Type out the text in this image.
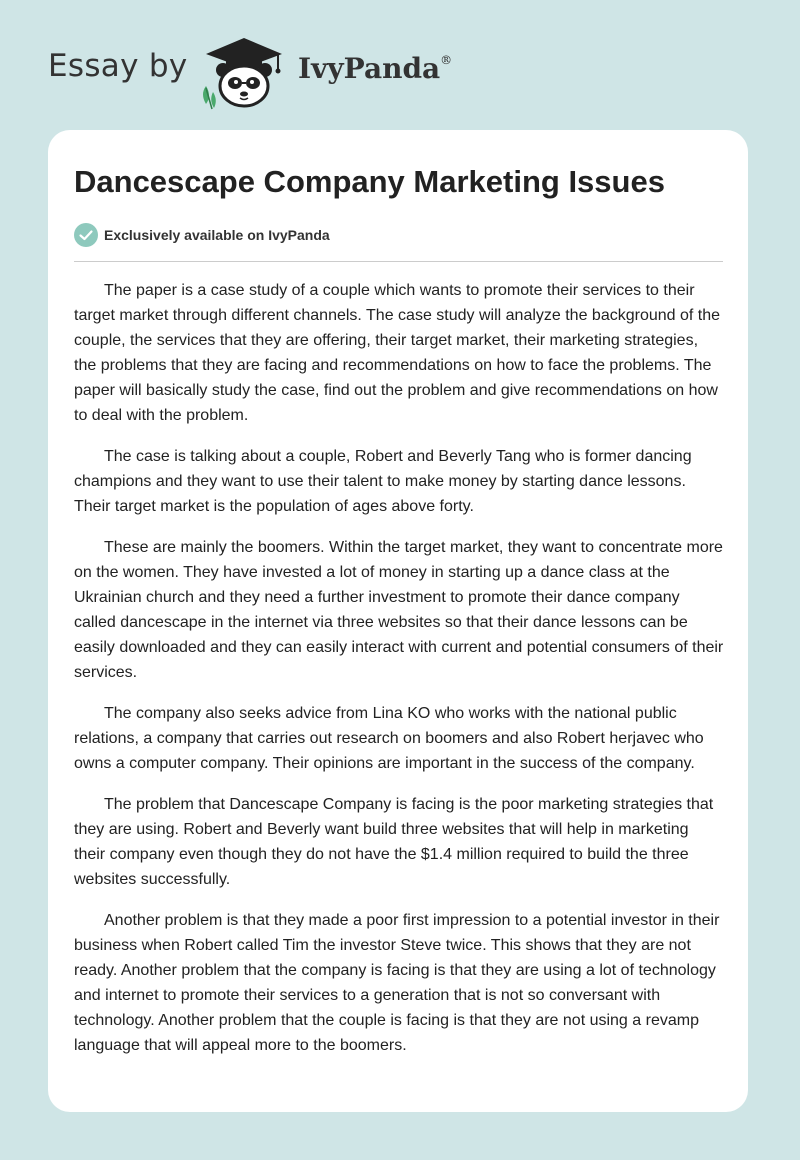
Essay by	IvyPanda®
Dancescape Company Marketing Issues
Exclusively available on IvyPanda

The paper is a case study of a couple which wants to promote their services to their target market through different channels. The case study will analyze the background of the couple, the services that they are offering, their target market, their marketing strategies, the problems that they are facing and recommendations on how to face the problems. The paper will basically study the case, find out the problem and give recommendations on how to deal with the problem.

The case is talking about a couple, Robert and Beverly Tang who is former dancing champions and they want to use their talent to make money by starting dance lessons. Their target market is the population of ages above forty.

These are mainly the boomers. Within the target market, they want to concentrate more on the women. They have invested a lot of money in starting up a dance class at the Ukrainian church and they need a further investment to promote their dance company called dancescape in the internet via three websites so that their dance lessons can be easily downloaded and they can easily interact with current and potential consumers of their services.

The company also seeks advice from Lina KO who works with the national public relations, a company that carries out research on boomers and also Robert herjavec who owns a computer company. Their opinions are important in the success of the company.

The problem that Dancescape Company is facing is the poor marketing strategies that they are using. Robert and Beverly want build three websites that will help in marketing their company even though they do not have the $1.4 million required to build the three websites successfully.

Another problem is that they made a poor first impression to a potential investor in their business when Robert called Tim the investor Steve twice. This shows that they are not ready. Another problem that the company is facing is that they are using a lot of technology and internet to promote their services to a generation that is not so conversant with technology. Another problem that the couple is facing is that they are not using a revamp language that will appeal more to the boomers.
